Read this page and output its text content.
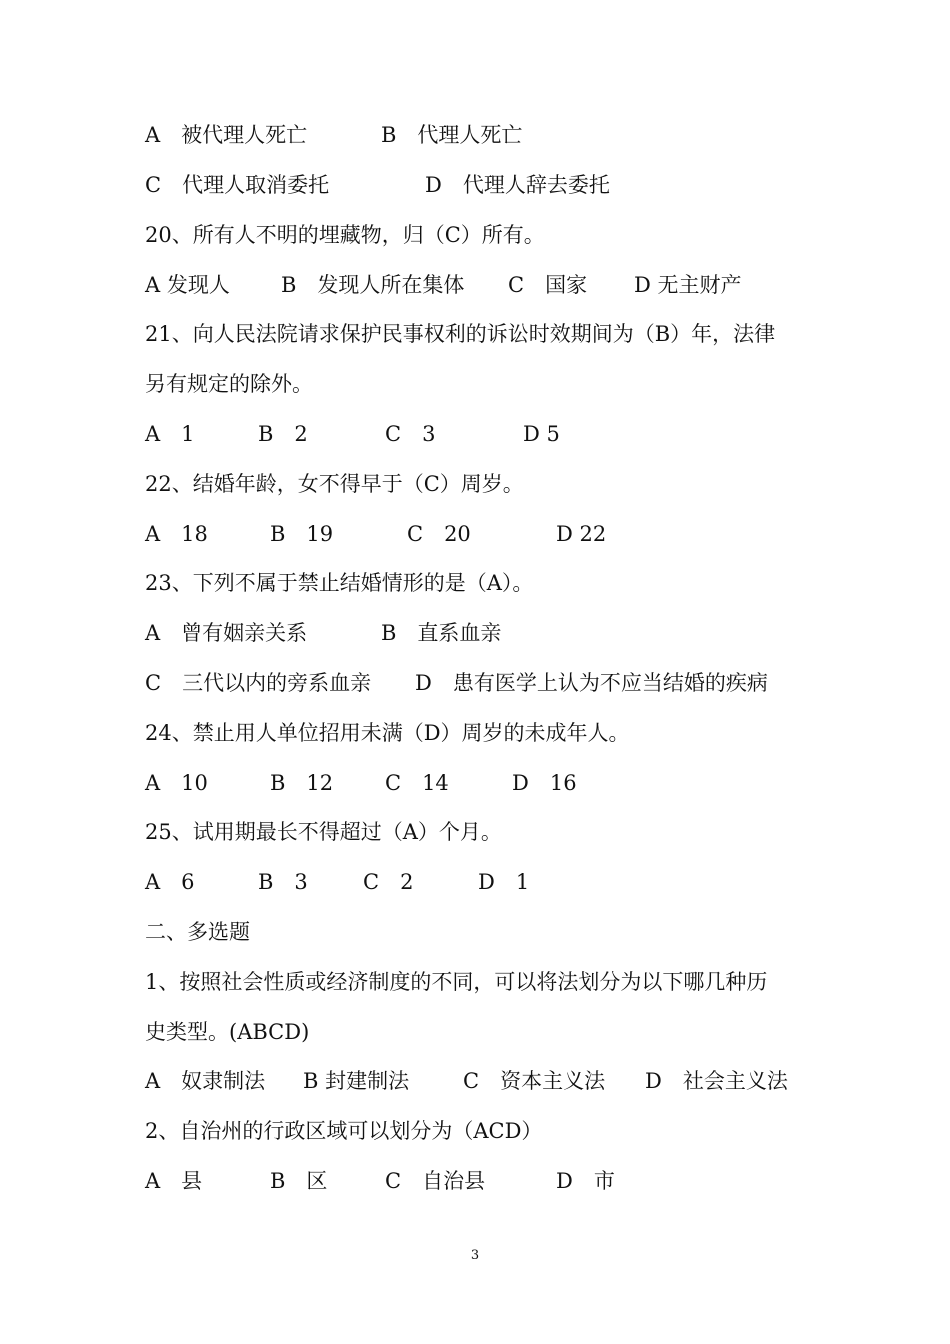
A　被代理人死亡	B　代理人死亡
C　代理人取消委托	D　代理人辞去委托
20、所有人不明的埋藏物，归（C）所有。
A 发现人 B　发现人所在集体 C　国家 D 无主财产
21、向人民法院请求保护民事权利的诉讼时效期间为（B）年，法律
另有规定的除外。
A　1	B　2	C　3	D 5
22、结婚年龄，女不得早于（C）周岁。
A　18	B　19	C　20	D 22
23、下列不属于禁止结婚情形的是（A）。
A　曾有姻亲关系	B　直系血亲
C　三代以内的旁系血亲 D　患有医学上认为不应当结婚的疾病
24、禁止用人单位招用未满（D）周岁的未成年人。
A　10	B　12 C　14	D　16
25、试用期最长不得超过（A）个月。
A　6	B　3	C　2	D　1
二、多选题
1、按照社会性质或经济制度的不同，可以将法划分为以下哪几种历
史类型。(ABCD)
A　奴隶制法 B 封建制法	C　资本主义法 D　社会主义法
2、自治州的行政区域可以划分为（ACD）
A　县	B　区	C　自治县	D　市
3
